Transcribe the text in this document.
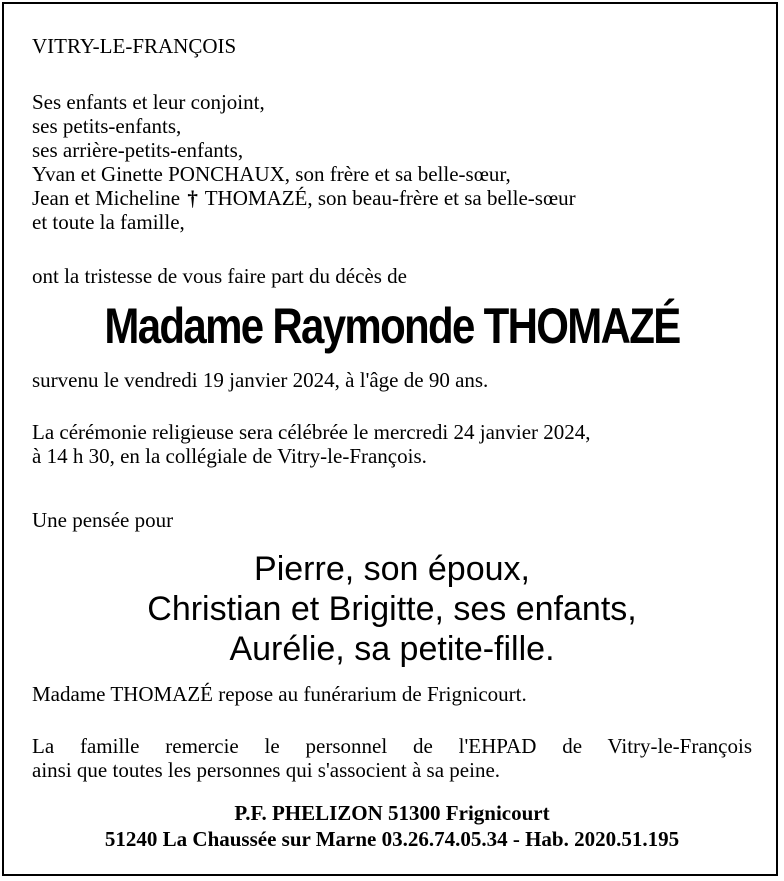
VITRY-LE-FRANÇOIS
Ses enfants et leur conjoint,
ses petits-enfants,
ses arrière-petits-enfants,
Yvan et Ginette PONCHAUX, son frère et sa belle-sœur,
Jean et Micheline † THOMAZÉ, son beau-frère et sa belle-sœur
et toute la famille,
ont la tristesse de vous faire part du décès de
Madame Raymonde THOMAZÉ
survenu le vendredi 19 janvier 2024, à l'âge de 90 ans.
La cérémonie religieuse sera célébrée le mercredi 24 janvier 2024,
à 14 h 30, en la collégiale de Vitry-le-François.
Une pensée pour
Pierre, son époux,
Christian et Brigitte, ses enfants,
Aurélie, sa petite-fille.
Madame THOMAZÉ repose au funérarium de Frignicourt.
La famille remercie le personnel de l'EHPAD de Vitry-le-François
ainsi que toutes les personnes qui s'associent à sa peine.
P.F. PHELIZON 51300 Frignicourt
51240 La Chaussée sur Marne 03.26.74.05.34 - Hab. 2020.51.195
